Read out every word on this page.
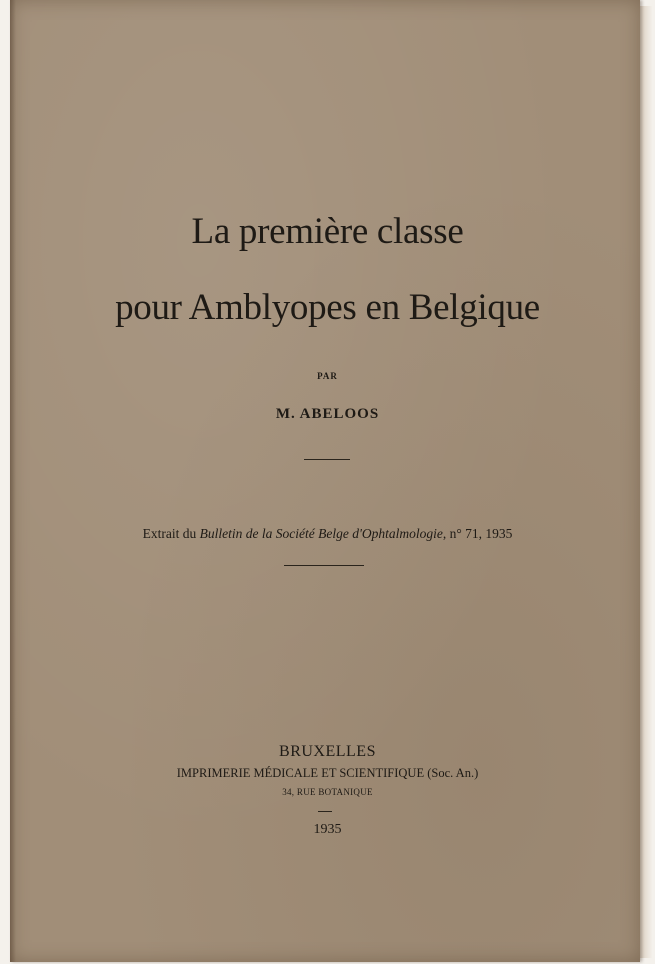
La première classe
pour Amblyopes en Belgique
PAR
M. ABELOOS
Extrait du Bulletin de la Société Belge d'Ophtalmologie, n° 71, 1935
BRUXELLES
IMPRIMERIE MÉDICALE ET SCIENTIFIQUE (Soc. An.)
34, RUE BOTANIQUE
1935
